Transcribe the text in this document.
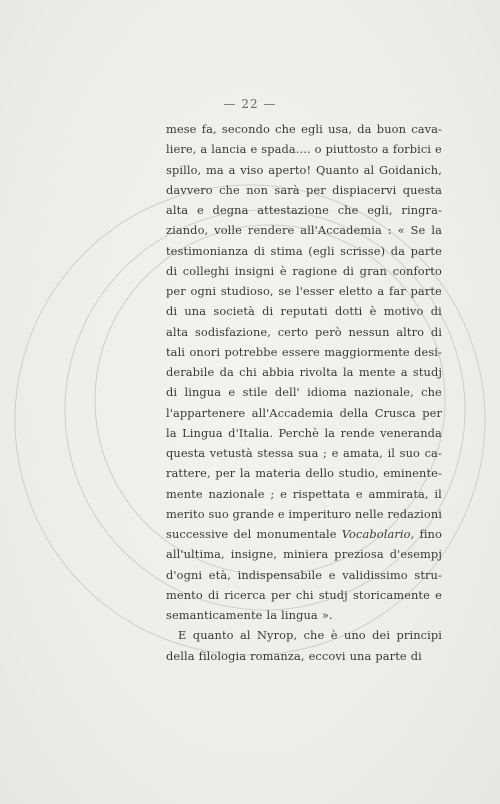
— 22 —
mese fa, secondo che egli usa, da buon cava-
liere, a lancia e spada.... o piuttosto a forbici e
spillo, ma a viso aperto! Quanto al Goidanich,
davvero che non sarà per dispiacervi questa
alta e degna attestazione che egli, ringra-
ziando, volle rendere all'Accademia : « Se la
testimonianza di stima (egli scrisse) da parte
di colleghi insigni è ragione di gran conforto
per ogni studioso, se l'esser eletto a far parte
di una società di reputati dotti è motivo di
alta sodisfazione, certo però nessun altro di
tali onori potrebbe essere maggiormente desi-
derabile da chi abbia rivolta la mente a studj
di lingua e stile dell' idioma nazionale, che
l'appartenere all'Accademia della Crusca per
la Lingua d'Italia. Perchè la rende veneranda
questa vetustà stessa sua ; e amata, il suo ca-
rattere, per la materia dello studio, eminente-
mente nazionale ; e rispettata e ammirata, il
merito suo grande e imperituro nelle redazioni
successive del monumentale Vocabolario, fino
all'ultima, insigne, miniera preziosa d'esempj
d'ogni età, indispensabile e validissimo stru-
mento di ricerca per chi studj storicamente e
semanticamente la lingua ».
E quanto al Nyrop, che è uno dei principi
della filologia romanza, eccovi una parte di
